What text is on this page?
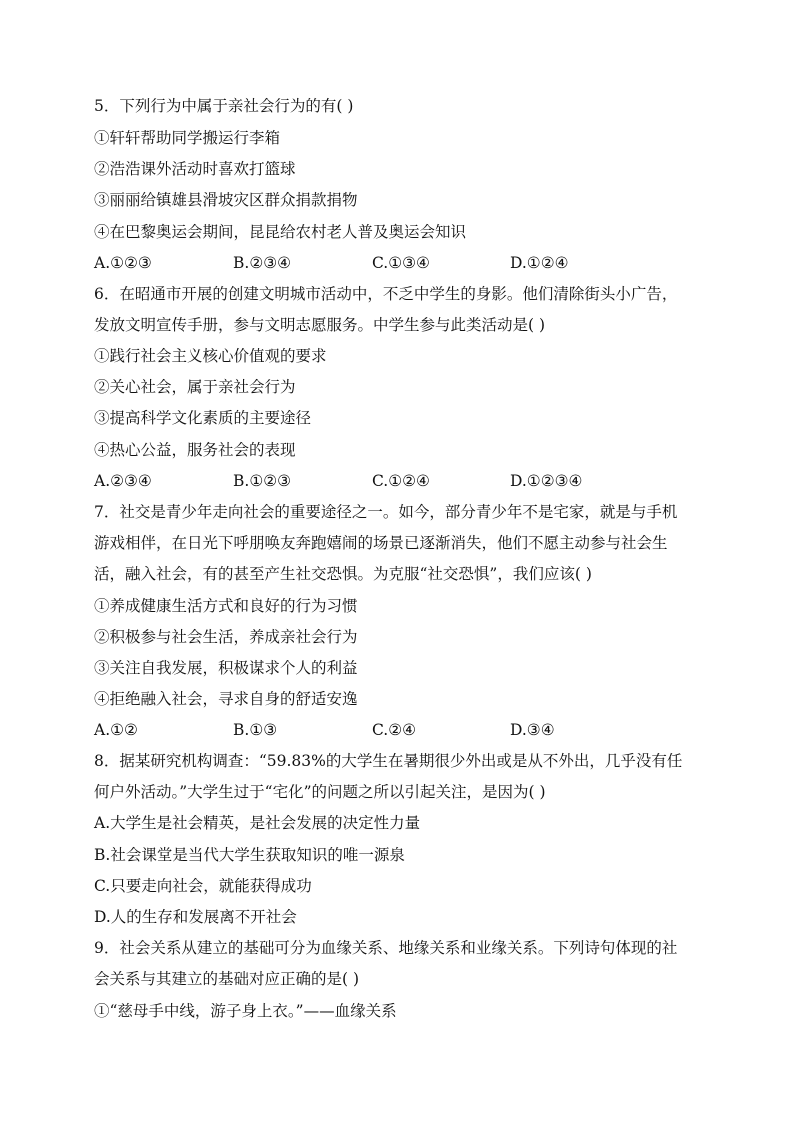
5．下列行为中属于亲社会行为的有( )
①轩轩帮助同学搬运行李箱
②浩浩课外活动时喜欢打篮球
③丽丽给镇雄县滑坡灾区群众捐款捐物
④在巴黎奥运会期间，昆昆给农村老人普及奥运会知识
A.①②③	B.②③④	C.①③④	D.①②④
6．在昭通市开展的创建文明城市活动中，不乏中学生的身影。他们清除街头小广告，
发放文明宣传手册，参与文明志愿服务。中学生参与此类活动是( )
①践行社会主义核心价值观的要求
②关心社会，属于亲社会行为
③提高科学文化素质的主要途径
④热心公益，服务社会的表现
A.②③④	B.①②③	C.①②④	D.①②③④
7．社交是青少年走向社会的重要途径之一。如今，部分青少年不是宅家，就是与手机
游戏相伴，在日光下呼朋唤友奔跑嬉闹的场景已逐渐消失，他们不愿主动参与社会生
活，融入社会，有的甚至产生社交恐惧。为克服“社交恐惧”，我们应该( )
①养成健康生活方式和良好的行为习惯
②积极参与社会生活，养成亲社会行为
③关注自我发展，积极谋求个人的利益
④拒绝融入社会，寻求自身的舒适安逸
A.①②	B.①③	C.②④	D.③④
8．据某研究机构调查：“59.83%的大学生在暑期很少外出或是从不外出，几乎没有任
何户外活动。”大学生过于“宅化”的问题之所以引起关注，是因为( )
A.大学生是社会精英，是社会发展的决定性力量
B.社会课堂是当代大学生获取知识的唯一源泉
C.只要走向社会，就能获得成功
D.人的生存和发展离不开社会
9．社会关系从建立的基础可分为血缘关系、地缘关系和业缘关系。下列诗句体现的社
会关系与其建立的基础对应正确的是( )
①“慈母手中线，游子身上衣。”——血缘关系
